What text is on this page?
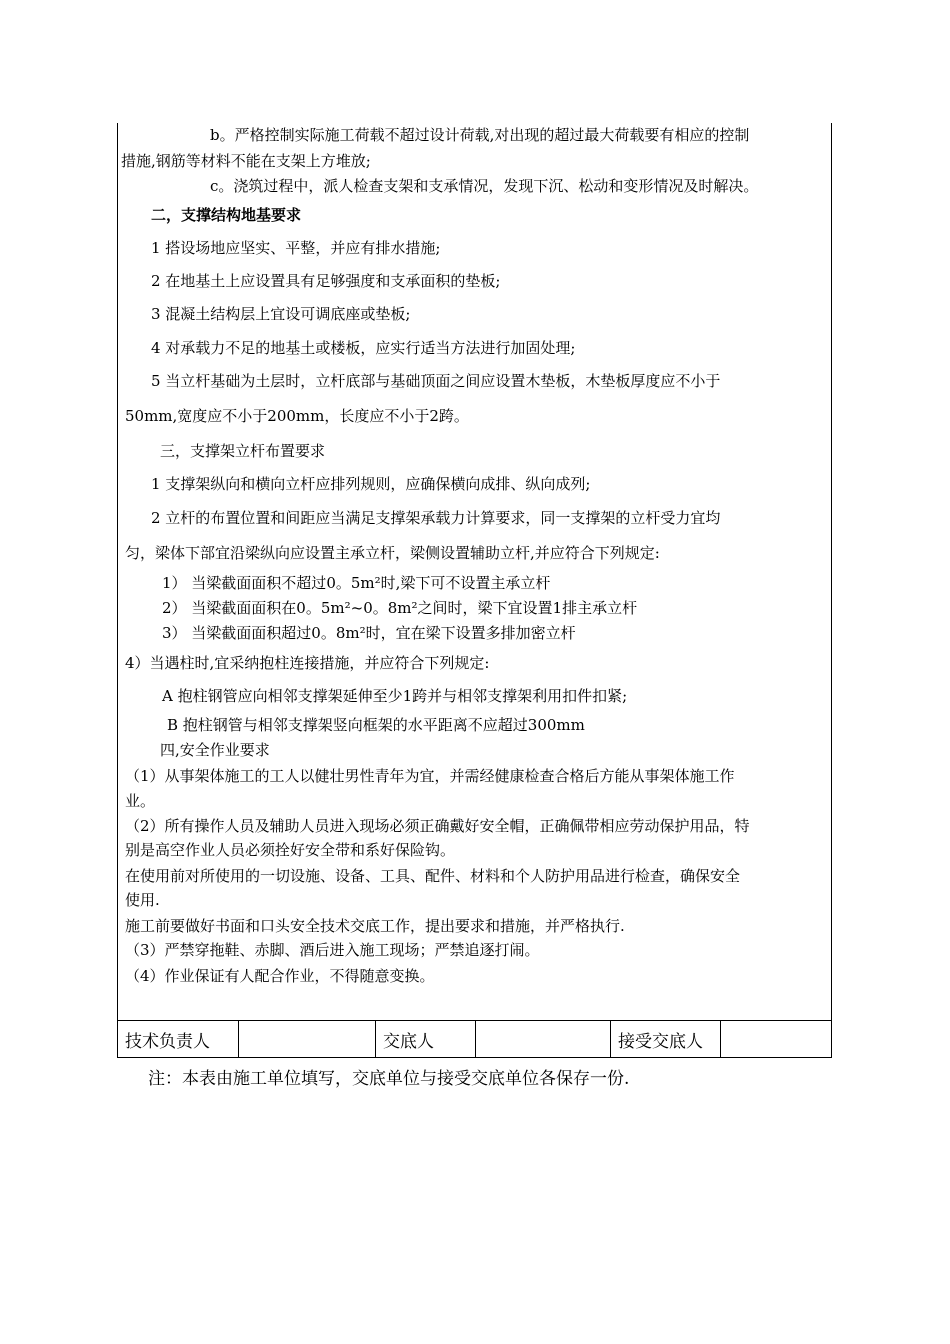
b。严格控制实际施工荷载不超过设计荷载,对出现的超过最大荷载要有相应的控制
措施,钢筋等材料不能在支架上方堆放;
c。浇筑过程中，派人检查支架和支承情况，发现下沉、松动和变形情况及时解决。
二，支撑结构地基要求
1 搭设场地应坚实、平整，并应有排水措施;
2 在地基土上应设置具有足够强度和支承面积的垫板;
3 混凝土结构层上宜设可调底座或垫板;
4 对承载力不足的地基土或楼板，应实行适当方法进行加固处理;
5 当立杆基础为土层时，立杆底部与基础顶面之间应设置木垫板，木垫板厚度应不小于
50mm,宽度应不小于200mm，长度应不小于2跨。
三，支撑架立杆布置要求
1 支撑架纵向和横向立杆应排列规则，应确保横向成排、纵向成列;
2 立杆的布置位置和间距应当满足支撑架承载力计算要求，同一支撑架的立杆受力宜均
匀，梁体下部宜沿梁纵向应设置主承立杆，梁侧设置辅助立杆,并应符合下列规定:
1） 当梁截面面积不超过0。5m²时,梁下可不设置主承立杆
2） 当梁截面面积在0。5m²~0。8m²之间时，梁下宜设置1排主承立杆
3） 当梁截面面积超过0。8m²时，宜在梁下设置多排加密立杆
4）当遇柱时,宜采纳抱柱连接措施，并应符合下列规定:
A 抱柱钢管应向相邻支撑架延伸至少1跨并与相邻支撑架利用扣件扣紧;
B 抱柱钢管与相邻支撑架竖向框架的水平距离不应超过300mm
四,安全作业要求
（1）从事架体施工的工人以健壮男性青年为宜，并需经健康检查合格后方能从事架体施工作
业。
（2）所有操作人员及辅助人员进入现场必须正确戴好安全帽，正确佩带相应劳动保护用品，特
别是高空作业人员必须拴好安全带和系好保险钩。
在使用前对所使用的一切设施、设备、工具、配件、材料和个人防护用品进行检查，确保安全
使用.
施工前要做好书面和口头安全技术交底工作，提出要求和措施，并严格执行.
（3）严禁穿拖鞋、赤脚、酒后进入施工现场；严禁追逐打闹。
（4）作业保证有人配合作业，不得随意变换。
技术负责人	交底人	接受交底人
注：本表由施工单位填写，交底单位与接受交底单位各保存一份.
